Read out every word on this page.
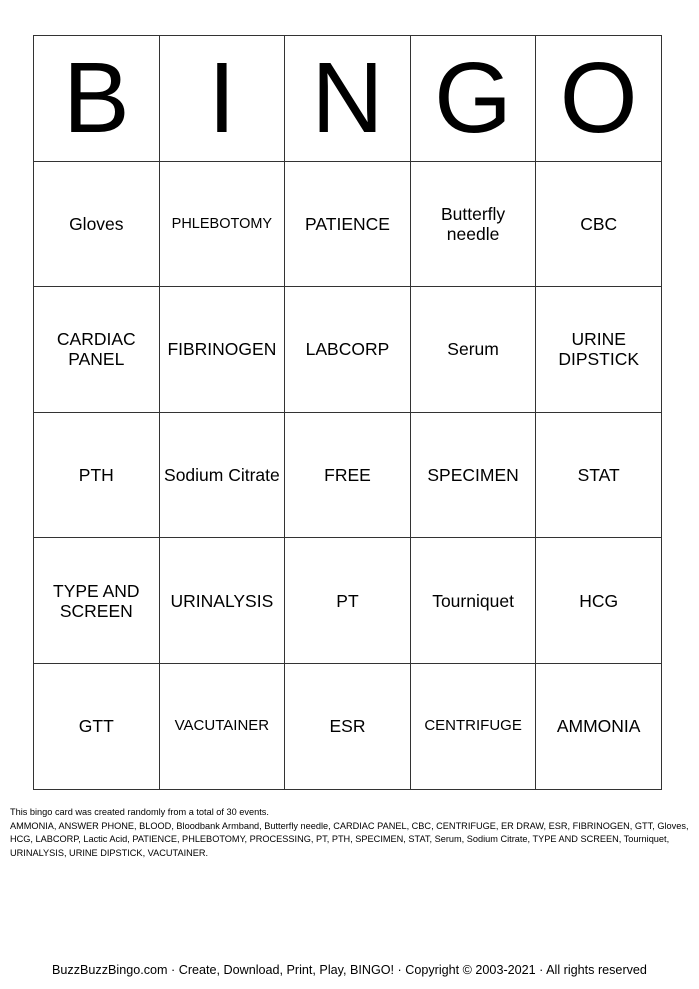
B	I	N	G	O
Gloves	PHLEBOTOMY	PATIENCE	Butterfly needle	CBC
CARDIAC PANEL	FIBRINOGEN	LABCORP	Serum	URINE DIPSTICK
PTH	Sodium Citrate	FREE	SPECIMEN	STAT
TYPE AND SCREEN	URINALYSIS	PT	Tourniquet	HCG
GTT	VACUTAINER	ESR	CENTRIFUGE	AMMONIA
This bingo card was created randomly from a total of 30 events.
AMMONIA, ANSWER PHONE, BLOOD, Bloodbank Armband, Butterfly needle, CARDIAC PANEL, CBC, CENTRIFUGE, ER DRAW, ESR, FIBRINOGEN, GTT, Gloves, HCG, LABCORP, Lactic Acid, PATIENCE, PHLEBOTOMY, PROCESSING, PT, PTH, SPECIMEN, STAT, Serum, Sodium Citrate, TYPE AND SCREEN, Tourniquet, URINALYSIS, URINE DIPSTICK, VACUTAINER.
BuzzBuzzBingo.com · Create, Download, Print, Play, BINGO! · Copyright © 2003-2021 · All rights reserved
